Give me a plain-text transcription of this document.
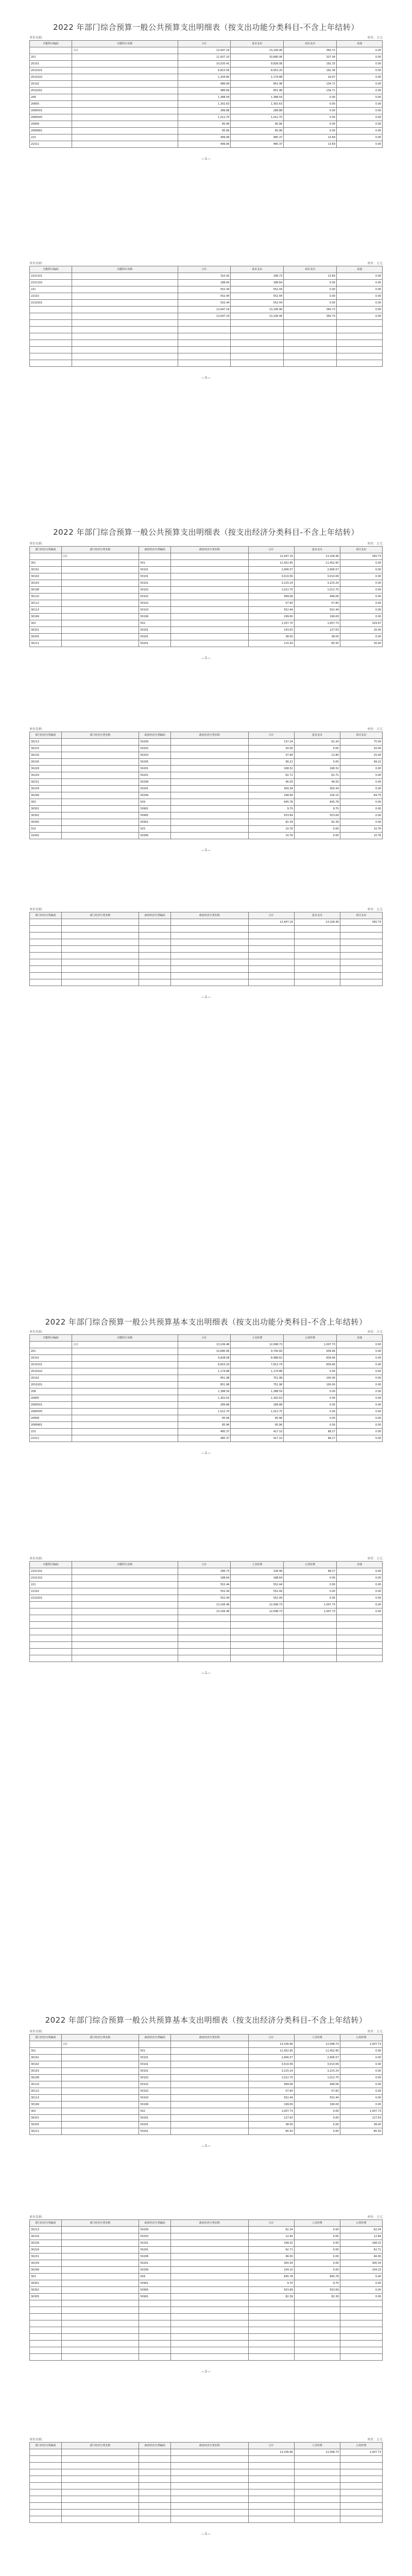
2022 年部门综合预算一般公共预算支出明细表（按支出功能分类科目-不含上年结转）
单位名称：	单位：万元
功能科目编码	功能科目名称	合计	基本支出	项目支出	其他
	合计	13,447.19	13,106.46	340.73	0.00
201		11,007.10	10,680.06	327.04	0.00
20101		10,020.41	9,828.08	192.33	0.00
2010101		8,815.56	8,653.20	162.36	0.00
2010102		1,204.85	1,174.88	29.97	0.00
20102		986.69	851.98	134.71	0.00
2010201		986.69	851.98	134.71	0.00
208		1,388.59	1,388.59	0.00	0.00
20805		1,302.63	1,302.63	0.00	0.00
2080501		289.88	289.88	0.00	0.00
2080505		1,012.75	1,012.75	0.00	0.00
20808		85.96	85.96	0.00	0.00
2080801		85.96	85.96	0.00	0.00
210		499.06	485.37	13.69	0.00
21011		499.06	485.37	13.69	0.00
—1—
单位名称：	单位：万元
功能科目编码	功能科目名称	合计	基本支出	项目支出	其他
2101101		310.42	296.73	13.69	0.00
2101102		188.64	188.64	0.00	0.00
221		552.44	552.44	0.00	0.00
22102		552.44	552.44	0.00	0.00
2210201		552.44	552.44	0.00	0.00
		13,447.19	13,106.46	340.73	0.00
		13,447.19	13,106.46	340.73	0.00

—1—
2022 年部门综合预算一般公共预算支出明细表（按支出经济分类科目-不含上年结转）
单位名称：	单位：万元
部门经济分类编码	部门经济分类名称	政府经济分类编码	政府经济分类名称	合计	基本支出	项目支出
	合计			13,447.19	13,106.46	340.73
301		501		11,452.95	11,452.95	0.00
30101		50101		2,906.57	2,906.57	0.00
30102		50101		3,010.06	3,010.06	0.00
30103		50101		3,215.24	3,215.24	0.00
30108		50102		1,012.75	1,012.75	0.00
30110		50102		499.06	499.06	0.00
30112		50102		57.83	57.83	0.00
30113		50103		552.44	552.44	0.00
30199		50199		199.00	199.00	0.00
302		502		1,337.70	1,007.73	329.97
30201		50201		143.63	127.63	16.00
30205		50201		38.00	38.00	0.00
30211		50201		115.50	85.50	30.00
—1—
单位名称：	单位：万元
部门经济分类编码	部门经济分类名称	政府经济分类编码	政府经济分类名称	合计	基本支出	项目支出
30213		50209		137.24	62.24	75.00
30215		50202		20.00	0.00	20.00
30216		50203		37.84	12.84	25.00
30226		50205		99.22	0.00	99.22
30228		50201		168.32	168.32	0.00
30229		50201		62.71	62.71	0.00
30231		50208		46.00	46.00	0.00
30239		50201		300.34	300.34	0.00
30299		50299		168.90	104.15	64.75
303		509		645.78	645.78	0.00
30301		50901		9.70	9.70	0.00
30302		50905		553.69	553.69	0.00
30305		50901		82.39	82.39	0.00
310		503		10.76	0.00	10.76
31002		50306		10.76	0.00	10.76
—1—
单位名称：	单位：万元
部门经济分类编码	部门经济分类名称	政府经济分类编码	政府经济分类名称	合计	基本支出	项目支出
				13,447.19	13,106.46	340.73

—1—
2022 年部门综合预算一般公共预算基本支出明细表（按支出功能分类科目-不含上年结转）
单位名称：	单位：万元
功能科目编码	功能科目名称	合计	人员经费	公用经费	其他
	合计	13,106.46	12,098.73	1,007.73	0.00
201		10,680.06	9,740.60	939.46	0.00
20101		9,828.08	8,988.62	839.46	0.00
2010101		8,653.20	7,813.74	839.46	0.00
2010102		1,174.88	1,174.88	0.00	0.00
20102		851.98	751.98	100.00	0.00
2010201		851.98	751.98	100.00	0.00
208		1,388.59	1,388.59	0.00	0.00
20805		1,302.63	1,302.63	0.00	0.00
2080501		289.88	289.88	0.00	0.00
2080505		1,012.75	1,012.75	0.00	0.00
20808		85.96	85.96	0.00	0.00
2080801		85.96	85.96	0.00	0.00
210		485.37	417.10	68.27	0.00
21011		485.37	417.10	68.27	0.00
—1—
单位名称：	单位：万元
功能科目编码	功能科目名称	合计	人员经费	公用经费	其他
2101101		296.73	228.46	68.27	0.00
2101102		188.64	188.64	0.00	0.00
221		552.44	552.44	0.00	0.00
22102		552.44	552.44	0.00	0.00
2210201		552.44	552.44	0.00	0.00
		13,106.46	12,098.73	1,007.73	0.00
		13,106.46	12,098.73	1,007.73	0.00

—1—
2022 年部门综合预算一般公共预算基本支出明细表（按支出经济分类科目-不含上年结转）
单位名称：	单位：万元
部门经济分类编码	部门经济分类名称	政府经济分类编码	政府经济分类名称	合计	人员经费	公用经费
	合计			13,106.46	12,098.73	1,007.73
301		501		11,452.95	11,452.95	0.00
30101		50101		2,906.57	2,906.57	0.00
30102		50101		3,010.06	3,010.06	0.00
30103		50101		3,215.24	3,215.24	0.00
30108		50102		1,012.75	1,012.75	0.00
30110		50102		499.06	499.06	0.00
30112		50102		57.83	57.83	0.00
30113		50103		552.44	552.44	0.00
30199		50199		199.00	199.00	0.00
302		502		1,007.73	0.00	1,007.73
30201		50201		127.63	0.00	127.63
30205		50201		38.00	0.00	38.00
30211		50201		85.50	0.00	85.50
—1—
单位名称：	单位：万元
部门经济分类编码	部门经济分类名称	政府经济分类编码	政府经济分类名称	合计	人员经费	公用经费
30213		50209		62.24	0.00	62.24
30216		50203		12.84	0.00	12.84
30228		50201		168.32	0.00	168.32
30229		50201		62.71	0.00	62.71
30231		50208		46.00	0.00	46.00
30239		50201		300.34	0.00	300.34
30299		50299		104.15	0.00	104.15
303		509		645.78	645.78	0.00
30301		50901		9.70	9.70	0.00
30302		50905		553.69	553.69	0.00
30305		50901		82.39	82.39	0.00

—1—
单位名称：	单位：万元
部门经济分类编码	部门经济分类名称	政府经济分类编码	政府经济分类名称	合计	人员经费	公用经费
				13,106.46	12,098.73	1,007.73

—1—
